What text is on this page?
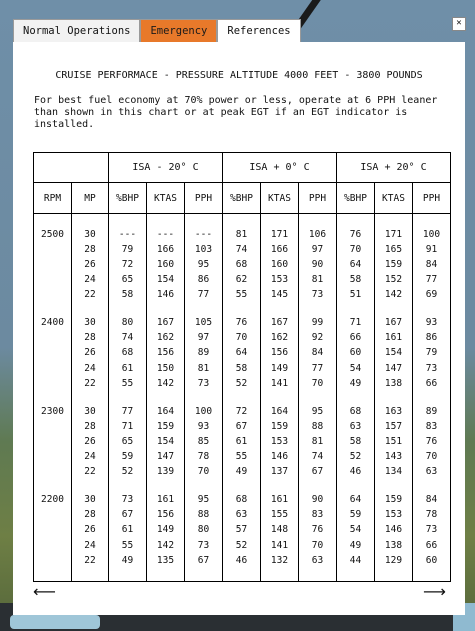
Normal Operations	Emergency	References
✕
CRUISE PERFORMACE - PRESSURE ALTITUDE 4000 FEET - 3800 POUNDS
For best fuel economy at 70% power or less, operate at 6 PPH leaner
than shown in this chart or at peak EGT if an EGT indicator is
installed.
		ISA - 20° C			ISA + 0° C			ISA + 20° C		
RPM	MP	%BHP	KTAS	PPH	%BHP	KTAS	PPH	%BHP	KTAS	PPH

2500	30	---	---	---	81	171	106	76	171	100
	28	79	166	103	74	166	97	70	165	91
	26	72	160	95	68	160	90	64	159	84
	24	65	154	86	62	153	81	58	152	77
	22	58	146	77	55	145	73	51	142	69

2400	30	80	167	105	76	167	99	71	167	93
	28	74	162	97	70	162	92	66	161	86
	26	68	156	89	64	156	84	60	154	79
	24	61	150	81	58	149	77	54	147	73
	22	55	142	73	52	141	70	49	138	66

2300	30	77	164	100	72	164	95	68	163	89
	28	71	159	93	67	159	88	63	157	83
	26	65	154	85	61	153	81	58	151	76
	24	59	147	78	55	146	74	52	143	70
	22	52	139	70	49	137	67	46	134	63

2200	30	73	161	95	68	161	90	64	159	84
	28	67	156	88	63	155	83	59	153	78
	26	61	149	80	57	148	76	54	146	73
	24	55	142	73	52	141	70	49	138	66
	22	49	135	67	46	132	63	44	129	60

⟵	⟶
